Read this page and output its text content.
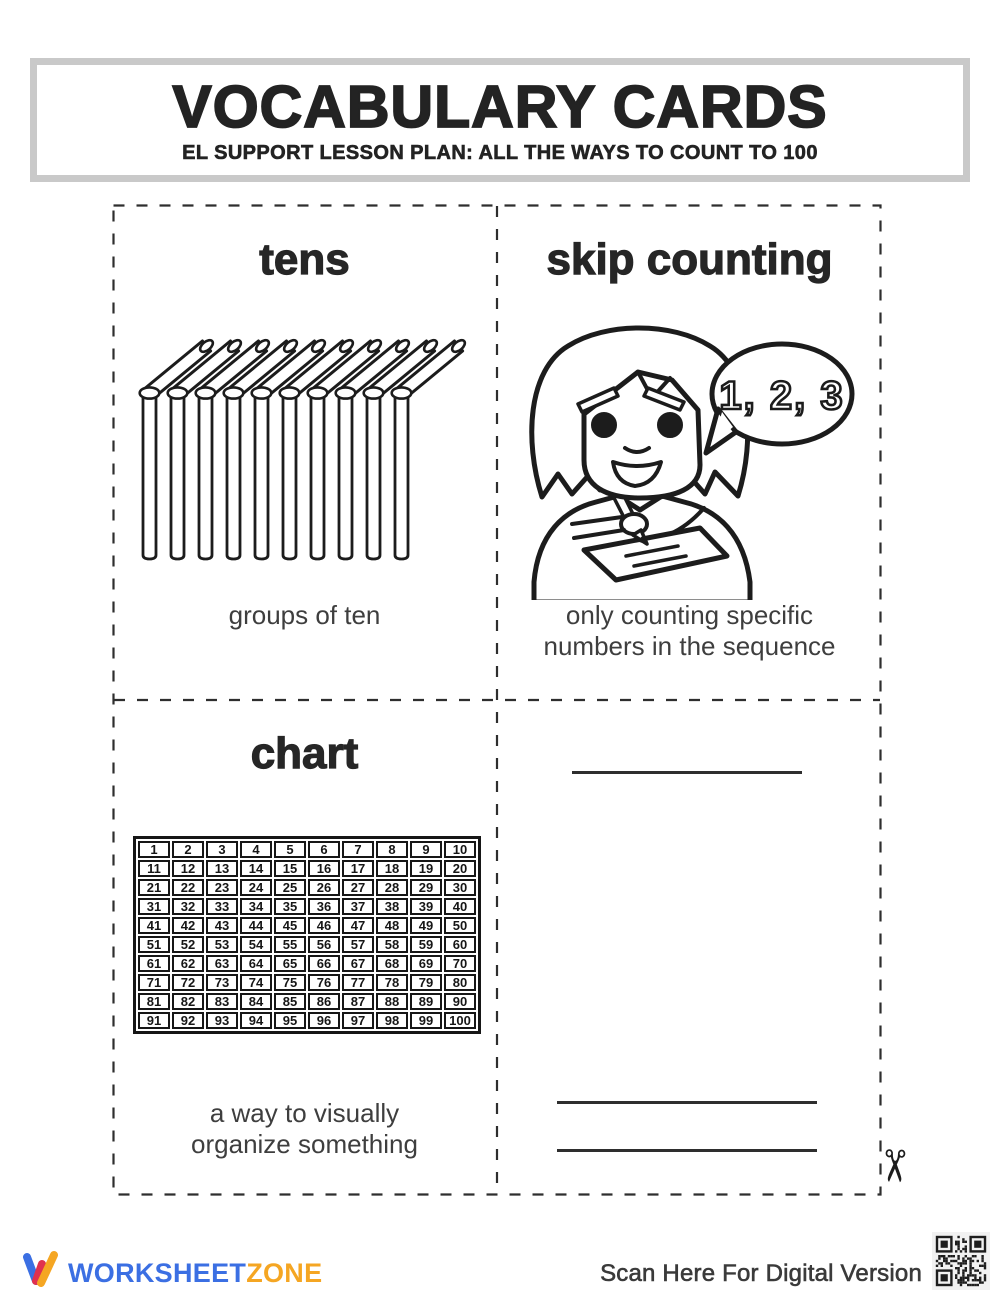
VOCABULARY CARDS
EL SUPPORT LESSON PLAN: ALL THE WAYS TO COUNT TO 100
tens
groups of ten
skip counting
1, 2, 3
only counting specific
numbers in the sequence
chart
1	2	3	4	5	6	7	8	9	10
11	12	13	14	15	16	17	18	19	20
21	22	23	24	25	26	27	28	29	30
31	32	33	34	35	36	37	38	39	40
41	42	43	44	45	46	47	48	49	50
51	52	53	54	55	56	57	58	59	60
61	62	63	64	65	66	67	68	69	70
71	72	73	74	75	76	77	78	79	80
81	82	83	84	85	86	87	88	89	90
91	92	93	94	95	96	97	98	99	100
a way to visually
organize something
✂
WORKSHEETZONE	Scan Here For Digital Version
